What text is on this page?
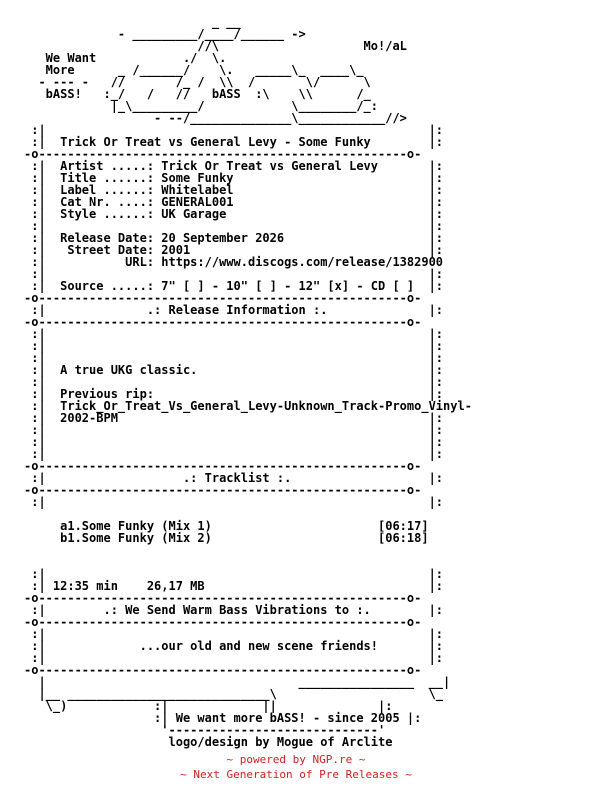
_ __
- _________/____/______ ->
//\                    Mo!/aL
We Want            ./  \.
More      _ /______/    \.   _____\_  ____\_
- --- -   //       /_ /  \\  /       \/      \
bASS!   :_/   /   //   bASS  :\    \\      /_
|_\_________/            \________/_:
- --/______________\____________//>
:|                                                     |:
:|  Trick Or Treat vs General Levy - Some Funky        |:
-o---------------------------------------------------o-
:|  Artist .....: Trick Or Treat vs General Levy       |:
:|  Title ......: Some Funky                           |:
:|  Label ......: Whitelabel                           |:
:|  Cat Nr. ....: GENERAL001                           |:
:|  Style ......: UK Garage                            |:
:|                                                     |:
:|  Release Date: 20 September 2026                    |:
:|   Street Date: 2001                                 |:
:|           URL: https://www.discogs.com/release/1382900
:|                                                     |:
:|  Source .....: 7" [ ] - 10" [ ] - 12" [x] - CD [ ]  |:
-o---------------------------------------------------o-
:|              .: Release Information :.              |:
-o---------------------------------------------------o-
:|                                                     |:
:|                                                     |:
:|                                                     |:
:|  A true UKG classic.                                |:
:|                                                     |:
:|  Previous rip:                                      |:
:|  Trick_Or_Treat_Vs_General_Levy-Unknown_Track-Promo_Vinyl-
:|  2002-BPM                                           |:
:|                                                     |:
:|                                                     |:
:|                                                     |:
-o---------------------------------------------------o-
:|                   .: Tracklist :.                   |:
-o---------------------------------------------------o-
:|                                                     |:
a1.Some Funky (Mix 1)                       [06:17]
b1.Some Funky (Mix 2)                       [06:18]
:|                                                     |:
:| 12:35 min    26,17 MB                               |:
-o---------------------------------------------------o-
:|        .: We Send Warm Bass Vibrations to :.        |:
-o---------------------------------------------------o-
:|                                                     |:
:|             ...our old and new scene friends!       |:
:|                                                     |:
-o---------------------------------------------------o-
|                                   ________________  __|
|__ ____________________________\                     \_
\_)            :|             ||              |:
:| We want more bASS! - since 2005 |:
'-----------------------------'
logo/design by Mogue of Arclite
~ powered by NGP.re ~
~ Next Generation of Pre Releases ~
